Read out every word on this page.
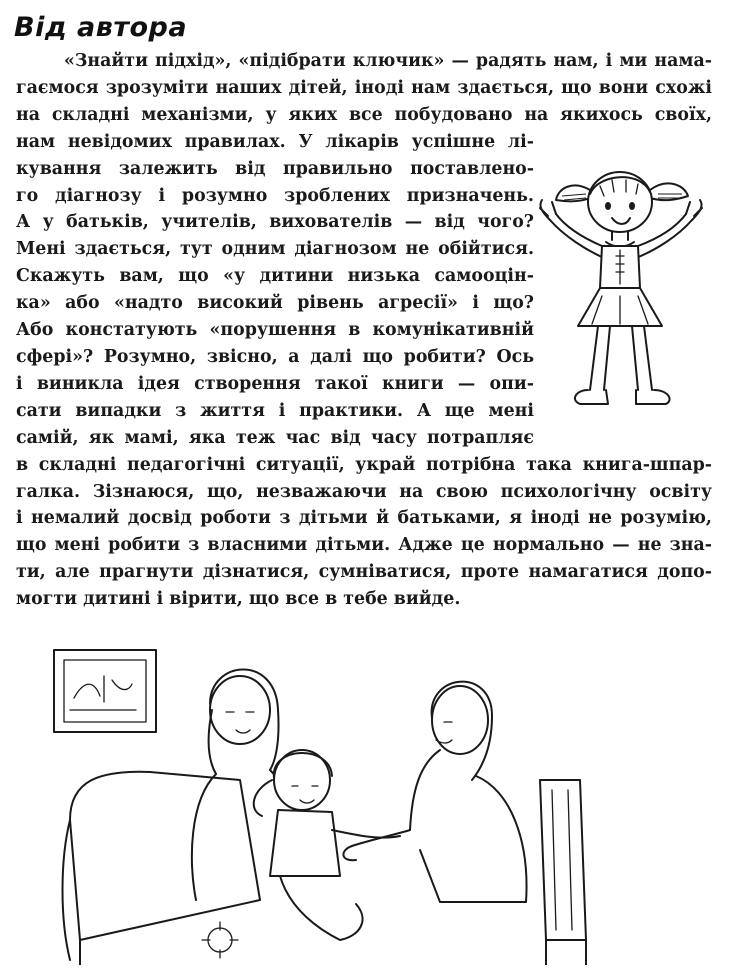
Від автора
«Знайти підхід», «підібрати ключик» — радять нам, і ми нама-
гаємося зрозуміти наших дітей, іноді нам здається, що вони схожі
на складні механізми, у яких все побудовано на якихось своїх,
нам невідомих правилах. У лікарів успішне лі-
кування залежить від правильно поставлено-
го діагнозу і розумно зроблених призначень.
А у батьків, учителів, вихователів — від чого?
Мені здається, тут одним діагнозом не обійтися.
Скажуть вам, що «у дитини низька самооцін-
ка» або «надто високий рівень агресії» і що?
Або констатують «порушення в комунікативній
сфері»? Розумно, звісно, а далі що робити? Ось
і виникла ідея створення такої книги — опи-
сати випадки з життя і практики. А ще мені
самій, як мамі, яка теж час від часу потрапляє
в складні педагогічні ситуації, украй потрібна така книга-шпар-
галка. Зізнаюся, що, незважаючи на свою психологічну освіту
і немалий досвід роботи з дітьми й батьками, я іноді не розумію,
що мені робити з власними дітьми. Адже це нормально — не зна-
ти, але прагнути дізнатися, сумніватися, проте намагатися допо-
могти дитині і вірити, що все в тебе вийде.
